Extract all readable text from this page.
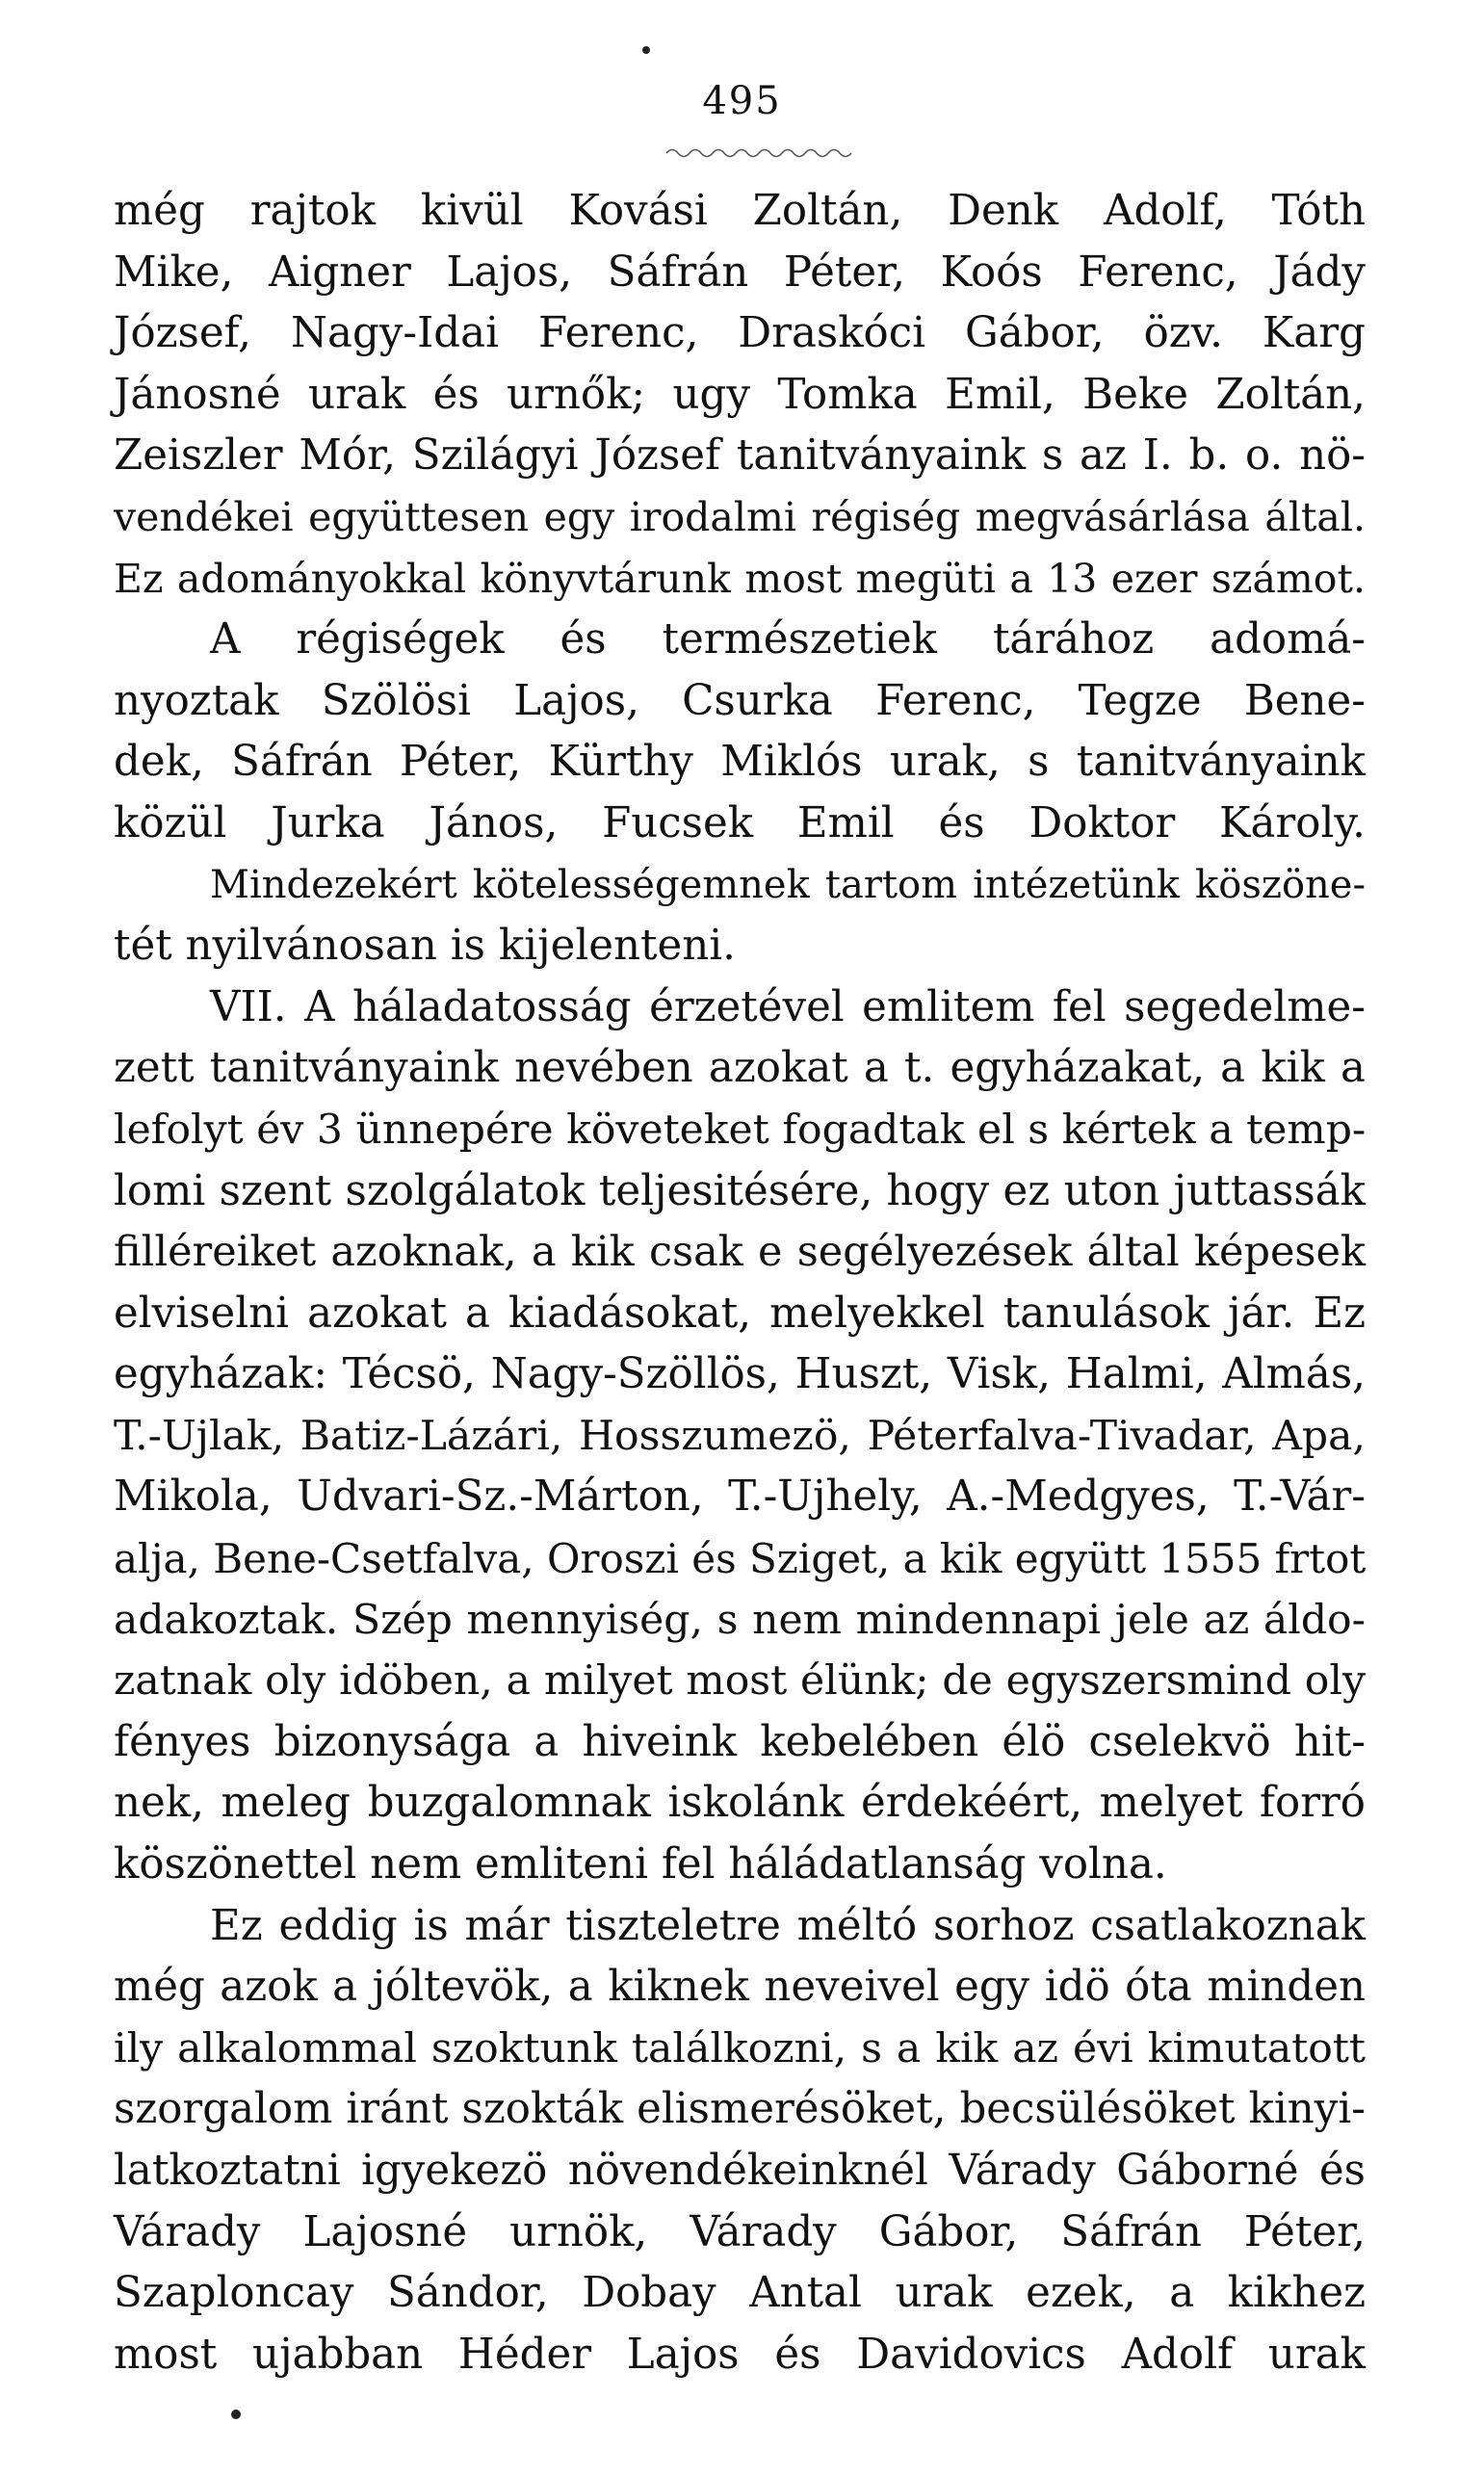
495
még rajtok kivül Kovási Zoltán, Denk Adolf, Tóth
Mike, Aigner Lajos, Sáfrán Péter, Koós Ferenc, Jády
József, Nagy-Idai Ferenc, Draskóci Gábor, özv. Karg
Jánosné urak és urnők; ugy Tomka Emil, Beke Zoltán,
Zeiszler Mór, Szilágyi József tanitványaink s az I. b. o. nö-
vendékei együttesen egy irodalmi régiség megvásárlása által.
Ez adományokkal könyvtárunk most megüti a 13 ezer számot.
A régiségek és természetiek tárához adomá-
nyoztak Szölösi Lajos, Csurka Ferenc, Tegze Bene-
dek, Sáfrán Péter, Kürthy Miklós urak, s tanitványaink
közül Jurka János, Fucsek Emil és Doktor Károly.
Mindezekért kötelességemnek tartom intézetünk köszöne-
tét nyilvánosan is kijelenteni.
VII. A háladatosság érzetével emlitem fel segedelme-
zett tanitványaink nevében azokat a t. egyházakat, a kik a
lefolyt év 3 ünnepére követeket fogadtak el s kértek a temp-
lomi szent szolgálatok teljesitésére, hogy ez uton juttassák
filléreiket azoknak, a kik csak e segélyezések által képesek
elviselni azokat a kiadásokat, melyekkel tanulások jár. Ez
egyházak: Técsö, Nagy-Szöllös, Huszt, Visk, Halmi, Almás,
T.-Ujlak, Batiz-Lázári, Hosszumezö, Péterfalva-Tivadar, Apa,
Mikola, Udvari-Sz.-Márton, T.-Ujhely, A.-Medgyes, T.-Vár-
alja, Bene-Csetfalva, Oroszi és Sziget, a kik együtt 1555 frtot
adakoztak. Szép mennyiség, s nem mindennapi jele az áldo-
zatnak oly idöben, a milyet most élünk; de egyszersmind oly
fényes bizonysága a hiveink kebelében élö cselekvö hit-
nek, meleg buzgalomnak iskolánk érdekéért, melyet forró
köszönettel nem emliteni fel háládatlanság volna.
Ez eddig is már tiszteletre méltó sorhoz csatlakoznak
még azok a jóltevök, a kiknek neveivel egy idö óta minden
ily alkalommal szoktunk találkozni, s a kik az évi kimutatott
szorgalom iránt szokták elismerésöket, becsülésöket kinyi-
latkoztatni igyekezö növendékeinknél Várady Gáborné és
Várady Lajosné urnök, Várady Gábor, Sáfrán Péter,
Szaploncay Sándor, Dobay Antal urak ezek, a kikhez
most ujabban Héder Lajos és Davidovics Adolf urak
